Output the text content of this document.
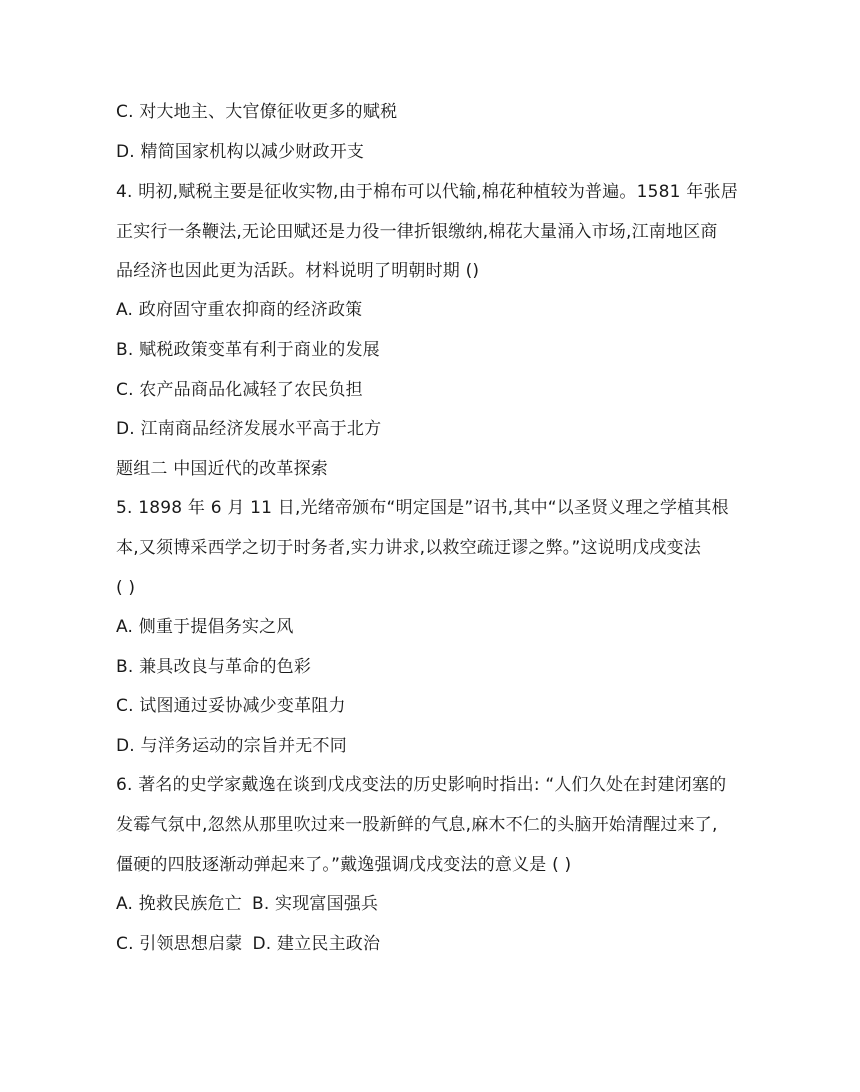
C. 对大地主、大官僚征收更多的赋税
D. 精简国家机构以减少财政开支
4. 明初,赋税主要是征收实物,由于棉布可以代输,棉花种植较为普遍。1581 年张居
正实行一条鞭法,无论田赋还是力役一律折银缴纳,棉花大量涌入市场,江南地区商
品经济也因此更为活跃。材料说明了明朝时期 ()
A. 政府固守重农抑商的经济政策
B. 赋税政策变革有利于商业的发展
C. 农产品商品化减轻了农民负担
D. 江南商品经济发展水平高于北方
题组二 中国近代的改革探索
5. 1898 年 6 月 11 日,光绪帝颁布“明定国是”诏书,其中“以圣贤义理之学植其根
本,又须博采西学之切于时务者,实力讲求,以救空疏迂谬之弊。”这说明戊戌变法
( )
A. 侧重于提倡务实之风
B. 兼具改良与革命的色彩
C. 试图通过妥协减少变革阻力
D. 与洋务运动的宗旨并无不同
6. 著名的史学家戴逸在谈到戊戌变法的历史影响时指出: “人们久处在封建闭塞的
发霉气氛中,忽然从那里吹过来一股新鲜的气息,麻木不仁的头脑开始清醒过来了,
僵硬的四肢逐渐动弹起来了。”戴逸强调戊戌变法的意义是 ( )
A. 挽救民族危亡 B. 实现富国强兵
C. 引领思想启蒙 D. 建立民主政治
